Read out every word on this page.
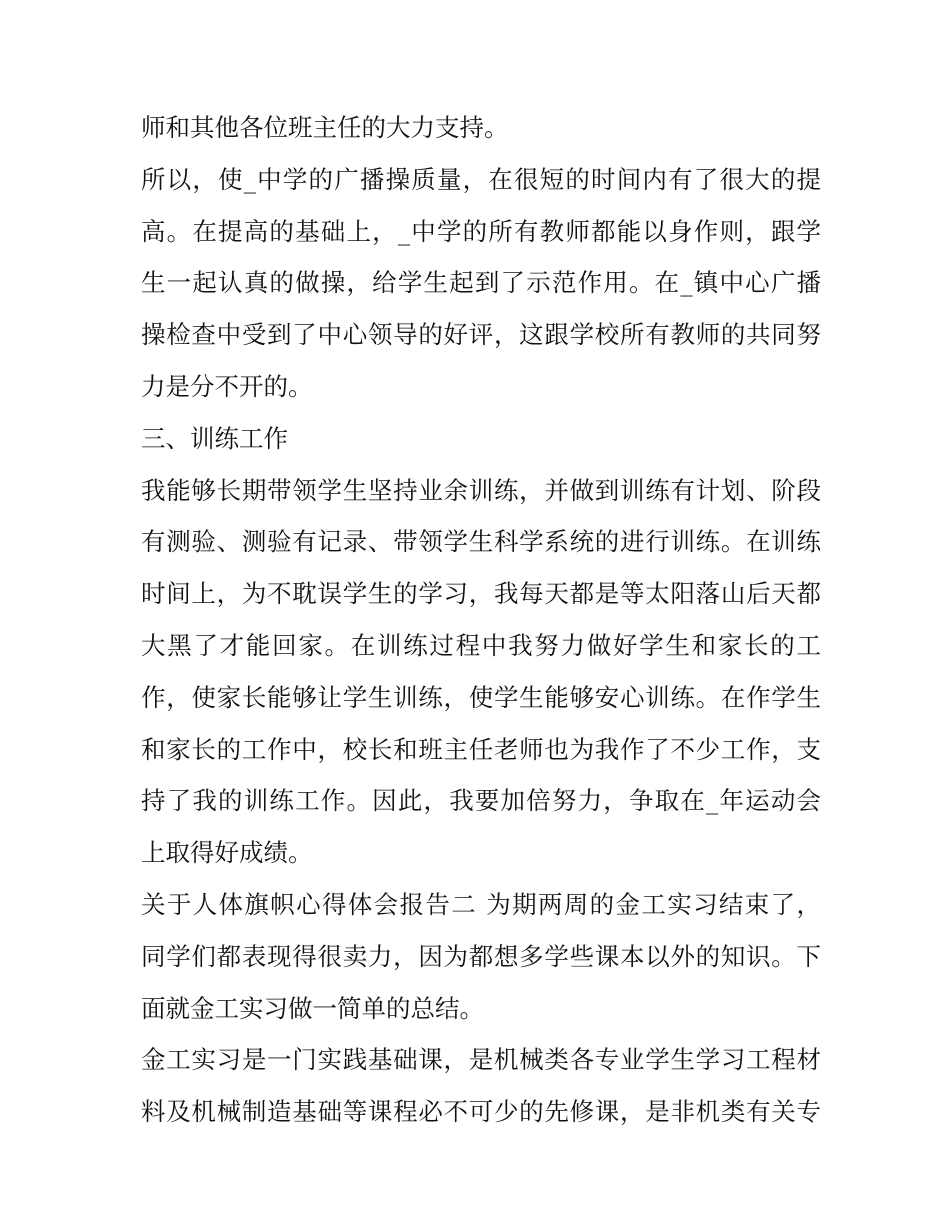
师和其他各位班主任的大力支持。

所以，使_中学的广播操质量，在很短的时间内有了很大的提

高。在提高的基础上，_中学的所有教师都能以身作则，跟学

生一起认真的做操，给学生起到了示范作用。在_镇中心广播

操检查中受到了中心领导的好评，这跟学校所有教师的共同努

力是分不开的。

三、训练工作

我能够长期带领学生坚持业余训练，并做到训练有计划、阶段

有测验、测验有记录、带领学生科学系统的进行训练。在训练

时间上，为不耽误学生的学习，我每天都是等太阳落山后天都

大黑了才能回家。在训练过程中我努力做好学生和家长的工

作，使家长能够让学生训练，使学生能够安心训练。在作学生

和家长的工作中，校长和班主任老师也为我作了不少工作，支

持了我的训练工作。因此，我要加倍努力，争取在_年运动会

上取得好成绩。

关于人体旗帜心得体会报告二 为期两周的金工实习结束了，

同学们都表现得很卖力，因为都想多学些课本以外的知识。下

面就金工实习做一简单的总结。

金工实习是一门实践基础课，是机械类各专业学生学习工程材

料及机械制造基础等课程必不可少的先修课，是非机类有关专
